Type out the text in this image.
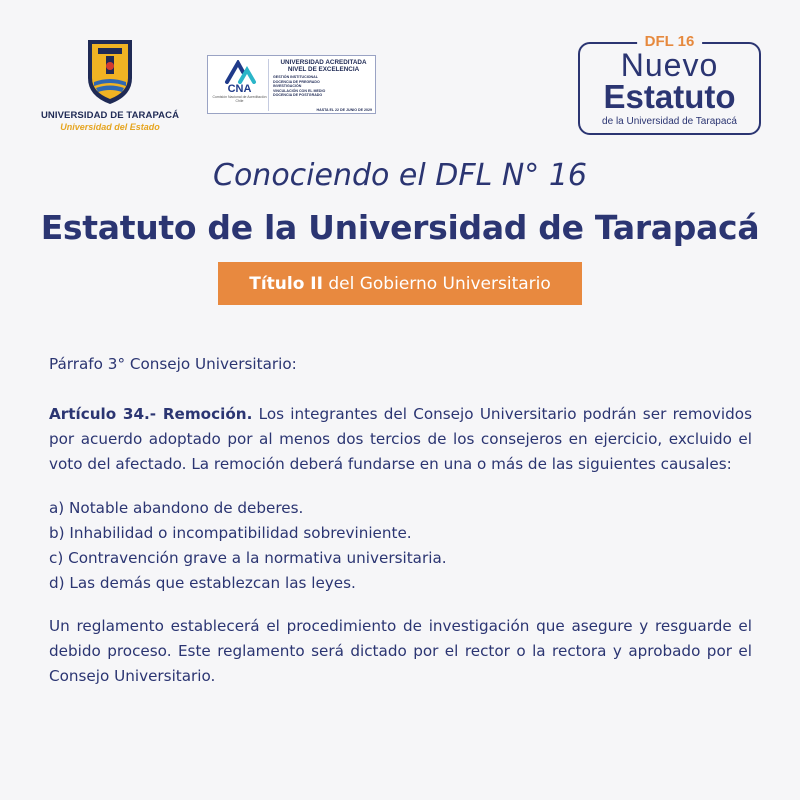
UNIVERSIDAD DE TARAPACÁ
Universidad del Estado
CNA
Comisión Nacional de Acreditación Chile
UNIVERSIDAD ACREDITADA
NIVEL DE EXCELENCIA
GESTIÓN INSTITUCIONAL
DOCENCIA DE PREGRADO
INVESTIGACIÓN
VINCULACIÓN CON EL MEDIO
DOCENCIA DE POSTGRADO
HASTA EL 22 DE JUNIO DE 2029
DFL 16
Nuevo
Estatuto
de la Universidad de Tarapacá
Conociendo el DFL N° 16
Estatuto de la Universidad de Tarapacá
Título II del Gobierno Universitario
Párrafo 3° Consejo Universitario:
Artículo 34.- Remoción. Los integrantes del Consejo Universitario podrán ser removidos por acuerdo adoptado por al menos dos tercios de los consejeros en ejercicio, excluido el voto del afectado. La remoción deberá fundarse en una o más de las siguientes causales:
a) Notable abandono de deberes.
b) Inhabilidad o incompatibilidad sobreviniente.
c) Contravención grave a la normativa universitaria.
d) Las demás que establezcan las leyes.
Un reglamento establecerá el procedimiento de investigación que asegure y resguarde el debido proceso. Este reglamento será dictado por el rector o la rectora y aprobado por el Consejo Universitario.
